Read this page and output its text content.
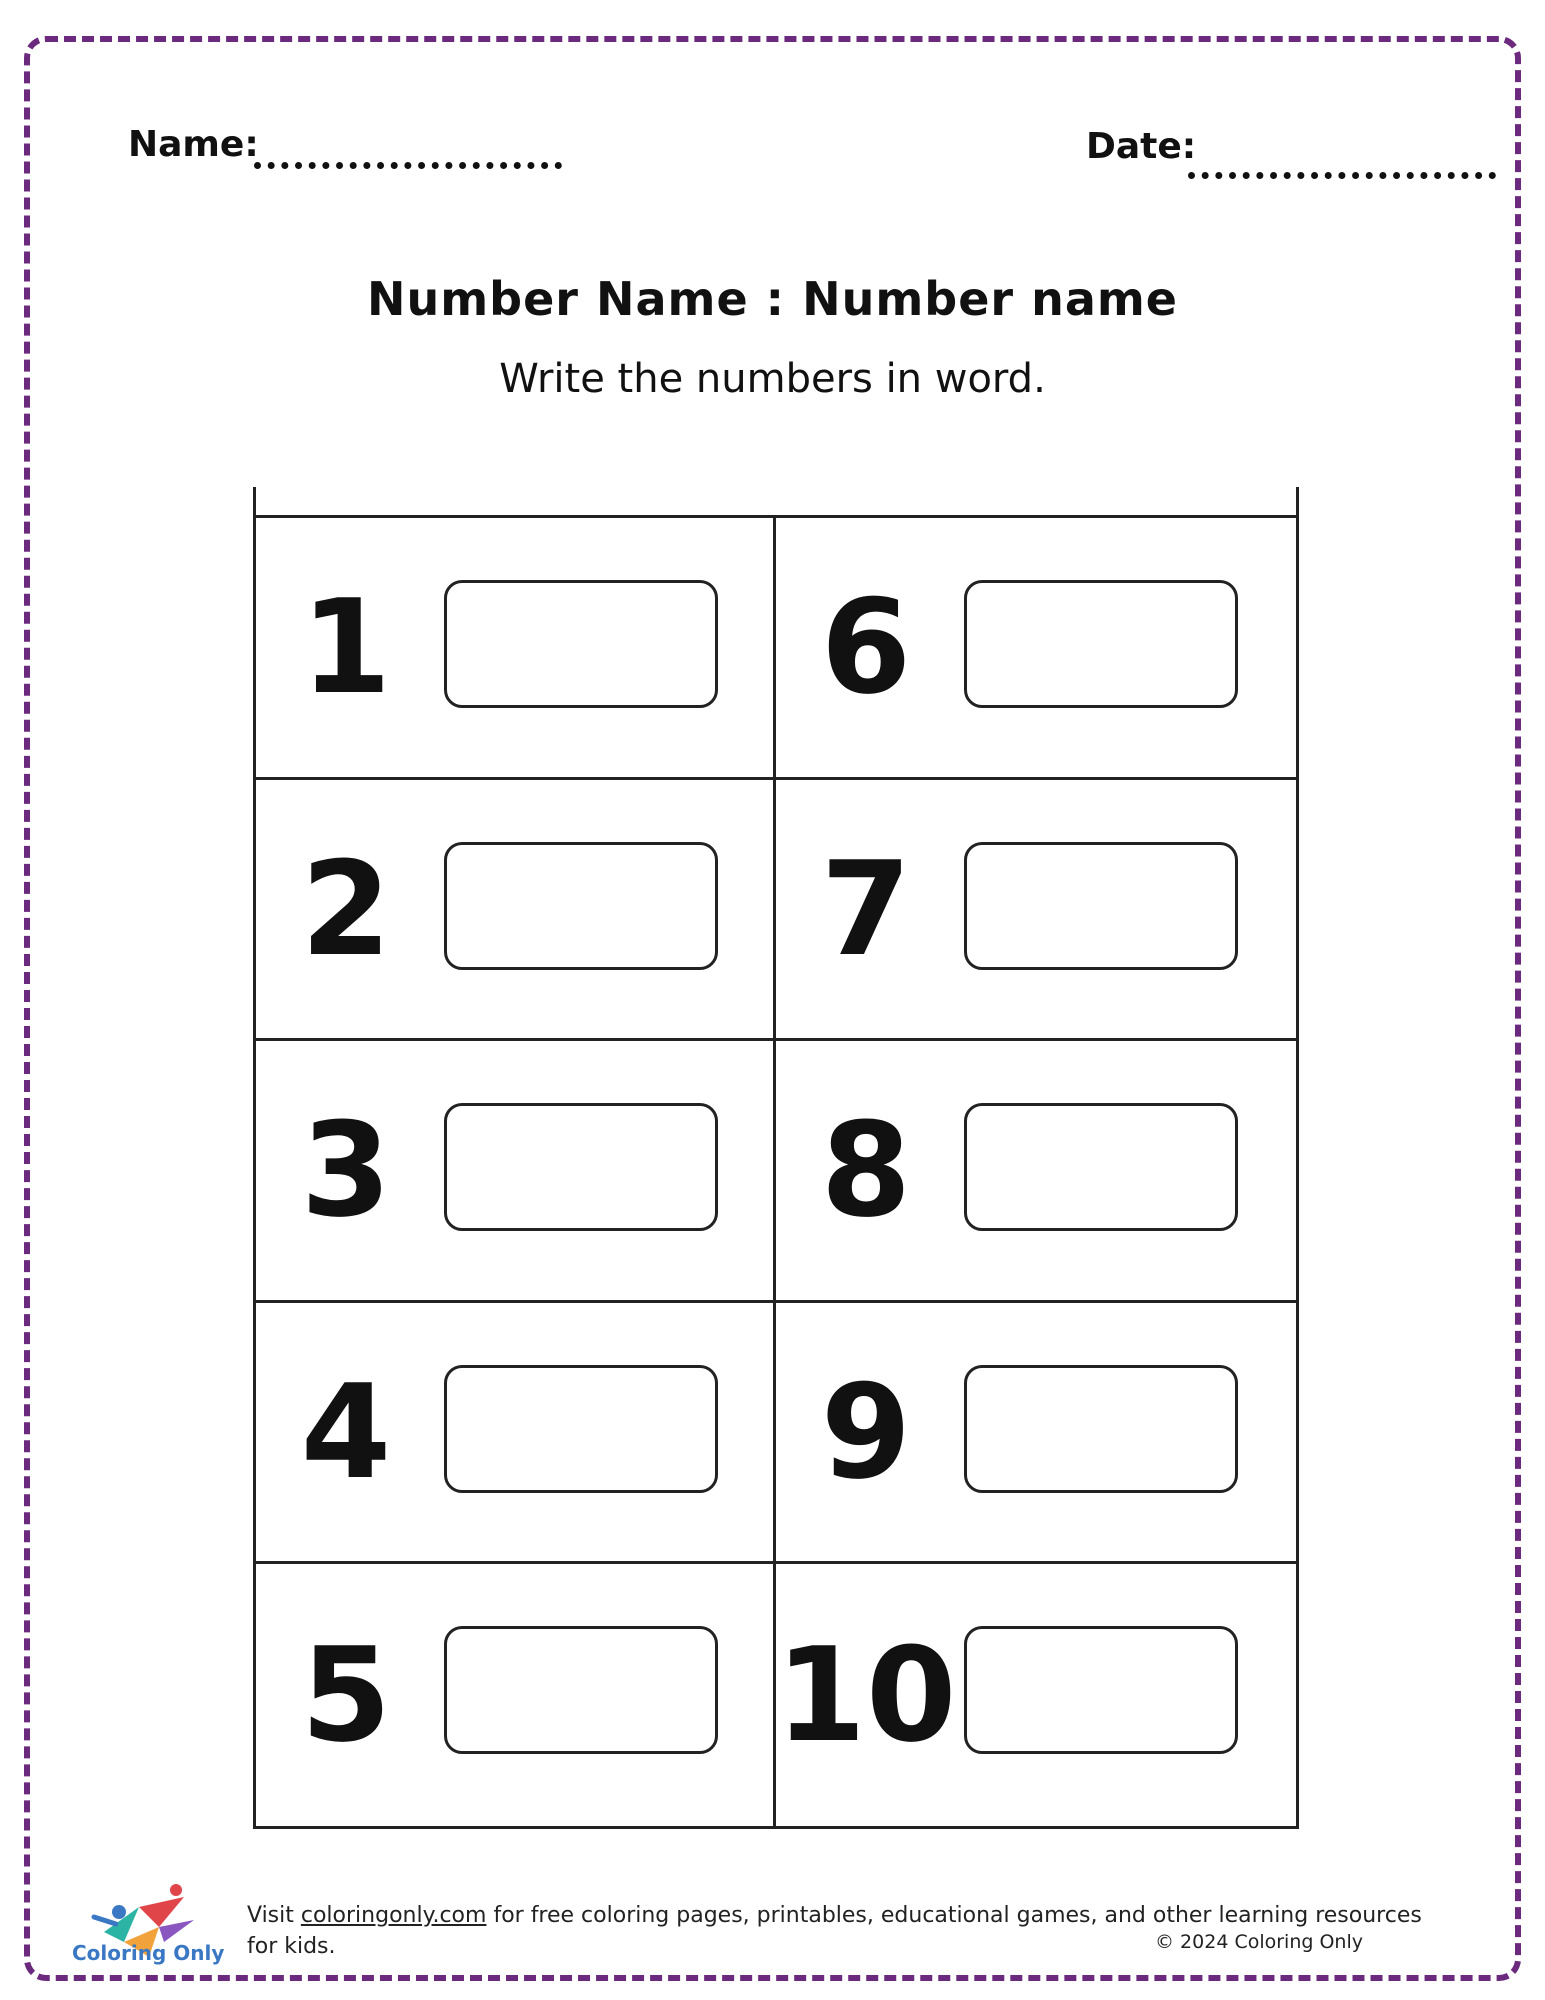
Name:	Date:
Number Name : Number name
Write the numbers in word.
1	6
2	7
3	8
4	9
5	10
Coloring Only
Visit coloringonly.com for free coloring pages, printables, educational games, and other learning resources for kids.	© 2024 Coloring Only
